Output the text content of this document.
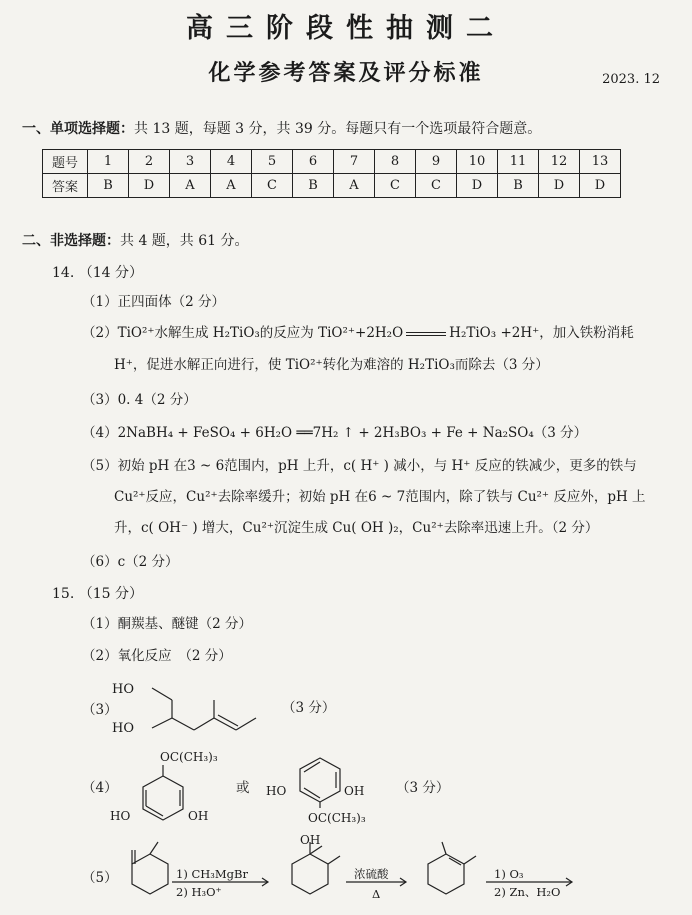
高三阶段性抽测二
化学参考答案及评分标准	2023. 12
一、单项选择题：共 13 题，每题 3 分，共 39 分。每题只有一个选项最符合题意。
题号	1	2	3	4	5	6	7	8	9	10	11	12	13
答案	B	D	A	A	C	B	A	C	C	D	B	D	D
二、非选择题：共 4 题，共 61 分。
14. （14 分）
（1）正四面体（2 分）
（2）TiO²⁺水解生成 H₂TiO₃的反应为 TiO²⁺+2H₂O	H₂TiO₃ +2H⁺，加入铁粉消耗
H⁺，促进水解正向进行，使 TiO²⁺转化为难溶的 H₂TiO₃而除去（3 分）
（3）0. 4（2 分）
（4）2NaBH₄ + FeSO₄ + 6H₂O ══7H₂ ↑ + 2H₃BO₃ + Fe + Na₂SO₄（3 分）
（5）初始 pH 在3 ~ 6范围内，pH 上升，c( H⁺ ) 减小，与 H⁺ 反应的铁减少，更多的铁与
Cu²⁺反应，Cu²⁺去除率缓升；初始 pH 在6 ~ 7范围内，除了铁与 Cu²⁺ 反应外，pH 上
升，c( OH⁻ ) 增大，Cu²⁺沉淀生成 Cu( OH )₂，Cu²⁺去除率迅速上升。（2 分）
（6）c（2 分）
15. （15 分）
（1）酮羰基、醚键（2 分）
（2）氧化反应　（2 分）
（3）
HO
HO
（3 分）
（4）
OC(CH₃)₃
HO	OH
或 HO	OH
OC(CH₃)₃
（3 分）
（5）	1) CH₃MgBr
2) H₃O⁺
OH
浓硫酸
Δ
1) O₃
2) Zn、H₂O
